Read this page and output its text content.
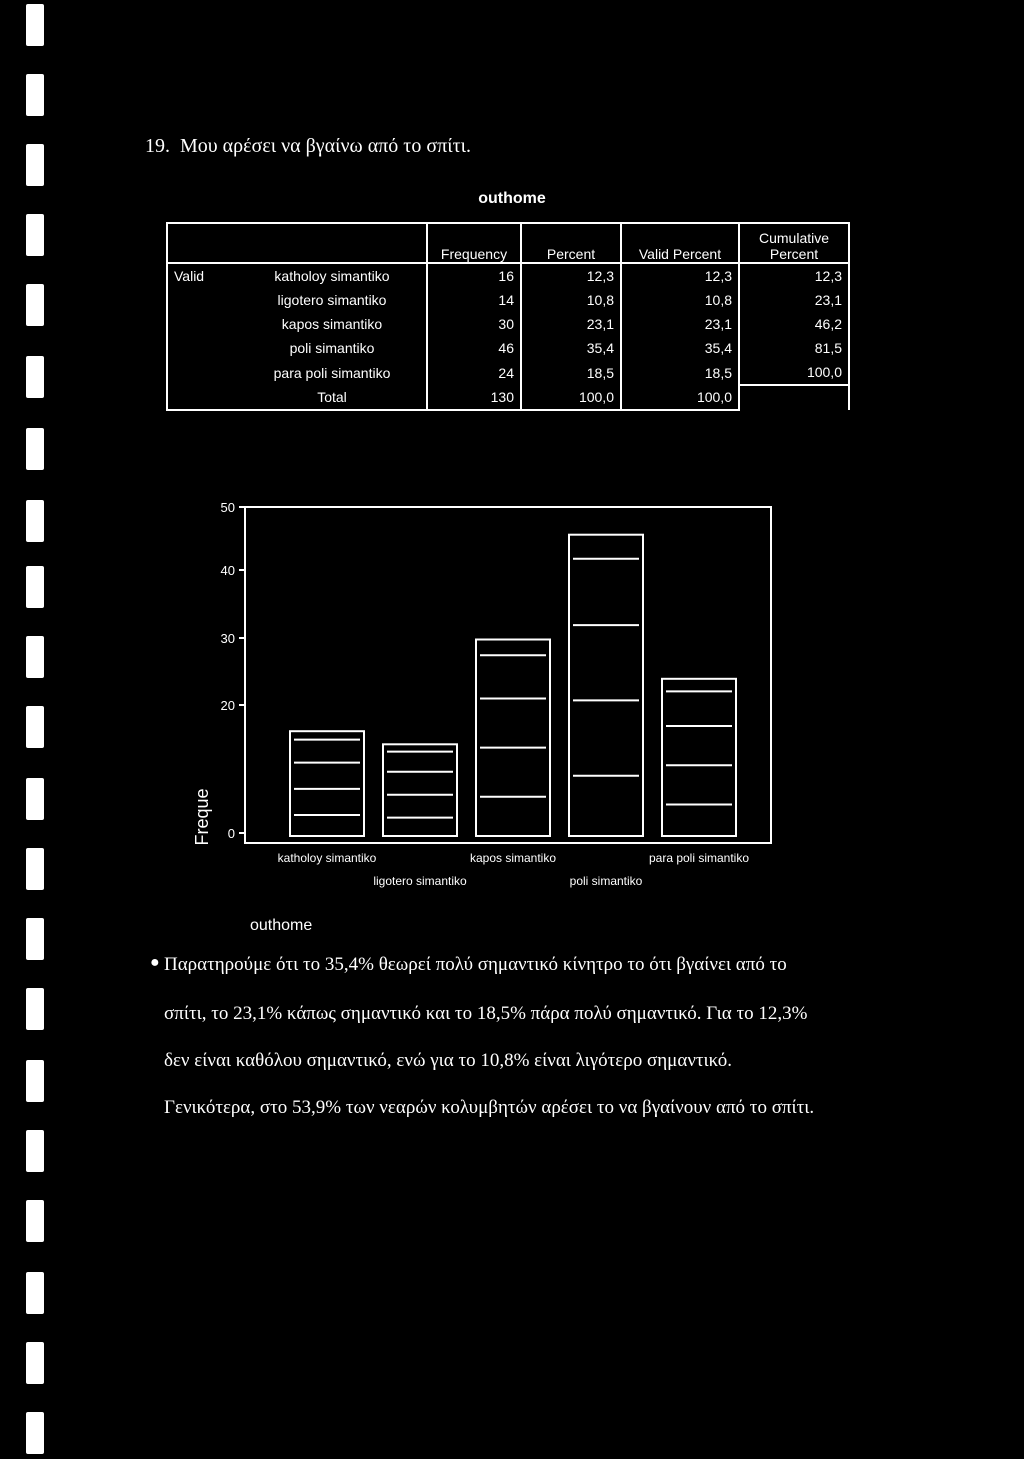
19. Μου αρέσει να βγαίνω από το σπίτι.
outhome
		Frequency	Percent	Valid Percent	Cumulative
Percent
Valid	katholoy simantiko	16	12,3	12,3	12,3
	ligotero simantiko	14	10,8	10,8	23,1
	kapos simantiko	30	23,1	23,1	46,2
	poli simantiko	46	35,4	35,4	81,5
	para poli simantiko	24	18,5	18,5	100,0
	Total	130	100,0	100,0	
50
40
30
20
0
katholoy simantiko
ligotero simantiko
kapos simantiko
poli simantiko
para poli simantiko
Freque
outhome
● Παρατηρούμε ότι το 35,4% θεωρεί πολύ σημαντικό κίνητρο το ότι βγαίνει από το
σπίτι, το 23,1% κάπως σημαντικό και το 18,5% πάρα πολύ σημαντικό. Για το 12,3%
δεν είναι καθόλου σημαντικό, ενώ για το 10,8% είναι λιγότερο σημαντικό.
Γενικότερα, στο 53,9% των νεαρών κολυμβητών αρέσει το να βγαίνουν από το σπίτι.
